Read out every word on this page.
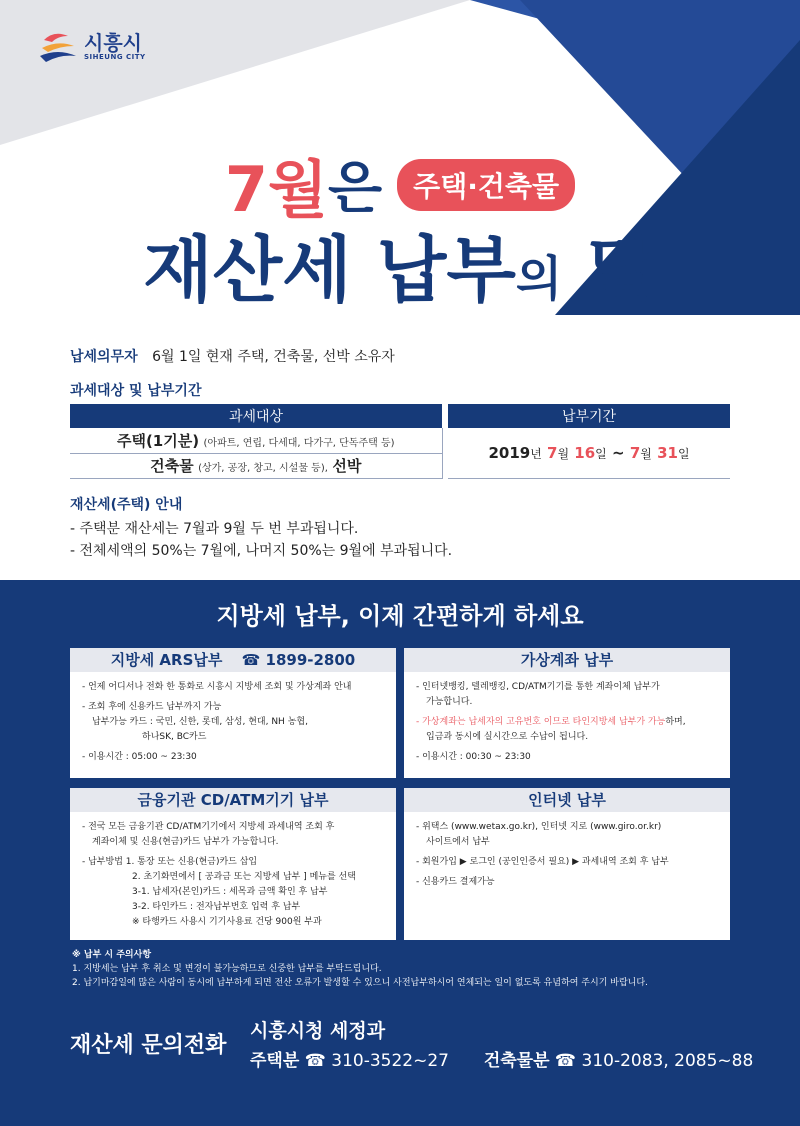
시흥시
SIHEUNG CITY
7월은 주택·건축물
재산세 납부의 달
납세의무자 6월 1일 현재 주택, 건축물, 선박 소유자
과세대상 및 납부기간
과세대상		납부기간
주택(1기분) (아파트, 연립, 다세대, 다가구, 단독주택 등)		2019년 7월 16일 ~ 7월 31일
건축물 (상가, 공장, 창고, 시설물 등), 선박		
재산세(주택) 안내
- 주택분 재산세는 7월과 9월 두 번 부과됩니다.
- 전체세액의 50%는 7월에, 나머지 50%는 9월에 부과됩니다.
지방세 납부, 이제 간편하게 하세요
지방세 ARS납부 ☎ 1899-2800

- 언제 어디서나 전화 한 통화로 시흥시 지방세 조회 및 가상계좌 안내

- 조회 후에 신용카드 납부까지 가능
납부가능 카드 : 국민, 신한, 롯데, 삼성, 현대, NH 농협,

하나SK, BC카드

- 이용시간 : 05:00 ~ 23:30

가상계좌 납부
- 인터넷뱅킹, 텔레뱅킹, CD/ATM기기를 통한 계좌이체 납부가

가능합니다.

- 가상계좌는 납세자의 고유번호 이므로 타인지방세 납부가 가능하며,

입금과 동시에 실시간으로 수납이 됩니다.

- 이용시간 : 00:30 ~ 23:30

금융기관 CD/ATM기기 납부
- 전국 모든 금융기관 CD/ATM기기에서 지방세 과세내역 조회 후

계좌이체 및 신용(현금)카드 납부가 가능합니다.

- 납부방법 1. 통장 또는 신용(현금)카드 삽입
2. 초기화면에서 [ 공과금 또는 지방세 납부 ] 메뉴를 선택
3-1. 납세자(본인)카드 : 세목과 금액 확인 후 납부
3-2. 타인카드 : 전자납부번호 입력 후 납부
※ 타행카드 사용시 기기사용료 건당 900원 부과
인터넷 납부
- 위택스 (www.wetax.go.kr), 인터넷 지로 (www.giro.or.kr)

사이트에서 납부

- 회원가입 ▶ 로그인 (공인인증서 필요) ▶ 과세내역 조회 후 납부

- 신용카드 결제가능

※ 납부 시 주의사항
1. 지방세는 납부 후 취소 및 변경이 불가능하므로 신중한 납부를 부탁드립니다.
2. 납기마감일에 많은 사람이 동시에 납부하게 되면 전산 오류가 발생할 수 있으니 사전납부하시어 연체되는 일이 없도록 유념하여 주시기 바랍니다.
재산세 문의전화
시흥시청 세정과
주택분 ☎ 310-3522~27 건축물분 ☎ 310-2083, 2085~88
